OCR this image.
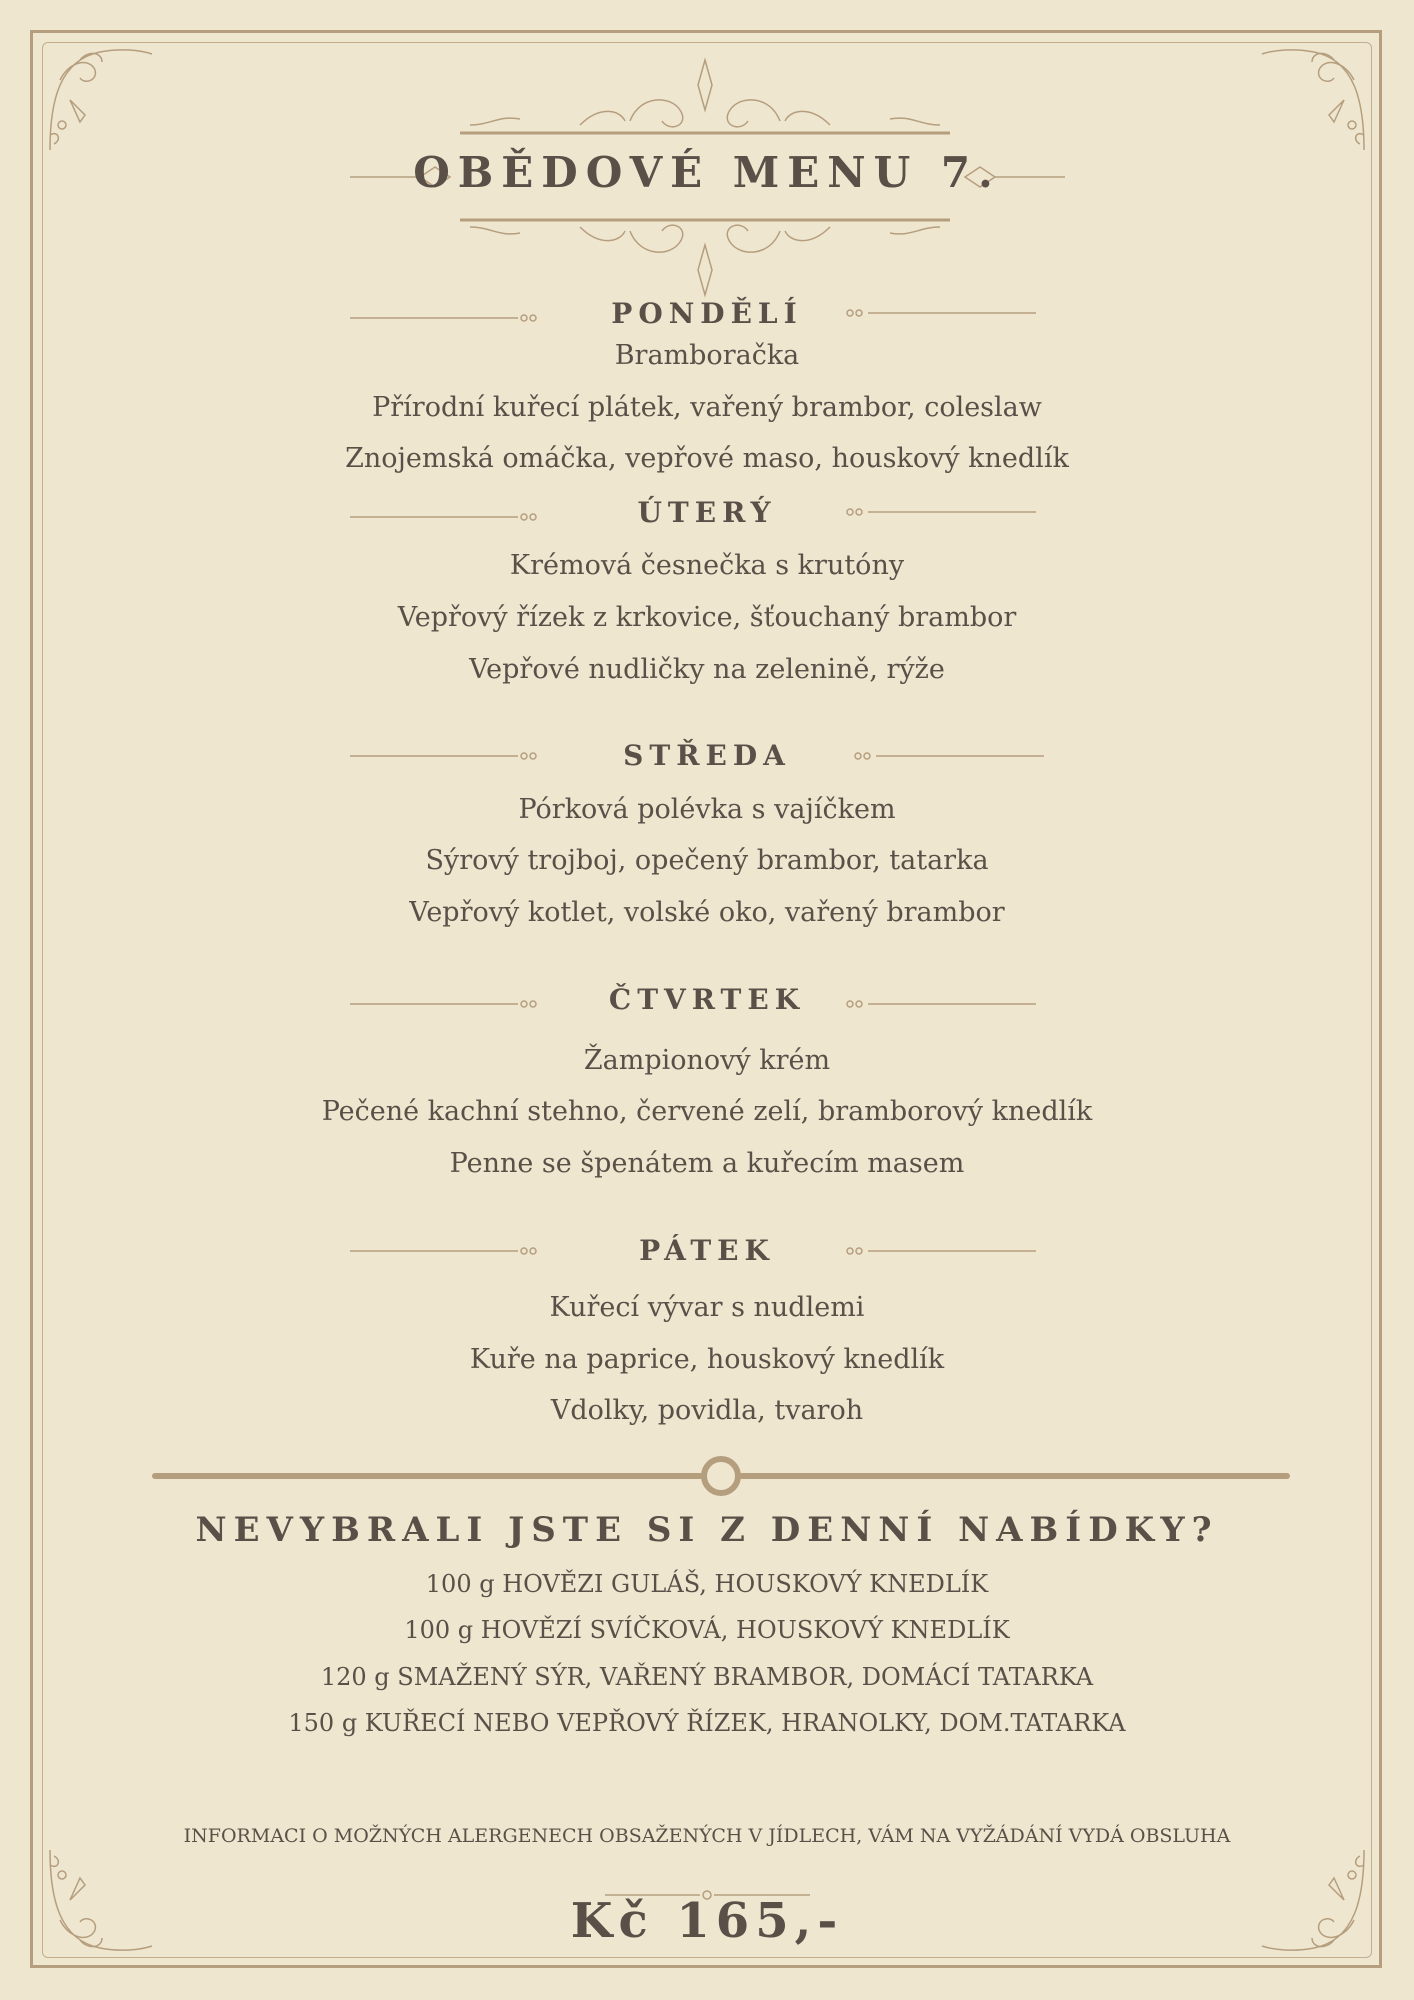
OBĚDOVÉ MENU 7.
PONDĚLÍ
Bramboračka
Přírodní kuřecí plátek, vařený brambor, coleslaw
Znojemská omáčka, vepřové maso, houskový knedlík
ÚTERÝ
Krémová česnečka s krutóny
Vepřový řízek z krkovice, šťouchaný brambor
Vepřové nudličky na zelenině, rýže
STŘEDA
Pórková polévka s vajíčkem
Sýrový trojboj, opečený brambor, tatarka
Vepřový kotlet, volské oko, vařený brambor
ČTVRTEK
Žampionový krém
Pečené kachní stehno, červené zelí, bramborový knedlík
Penne se špenátem a kuřecím masem
PÁTEK
Kuřecí vývar s nudlemi
Kuře na paprice, houskový knedlík
Vdolky, povidla, tvaroh
NEVYBRALI JSTE SI Z DENNÍ NABÍDKY?
100 g HOVĚZI GULÁŠ, HOUSKOVÝ KNEDLÍK
100 g HOVĚZÍ SVÍČKOVÁ, HOUSKOVÝ KNEDLÍK
120 g SMAŽENÝ SÝR, VAŘENÝ BRAMBOR, DOMÁCÍ TATARKA
150 g KUŘECÍ NEBO VEPŘOVÝ ŘÍZEK, HRANOLKY, DOM.TATARKA
INFORMACI O MOŽNÝCH ALERGENECH OBSAŽENÝCH V JÍDLECH, VÁM NA VYŽÁDÁNÍ VYDÁ OBSLUHA
Kč 165,-
